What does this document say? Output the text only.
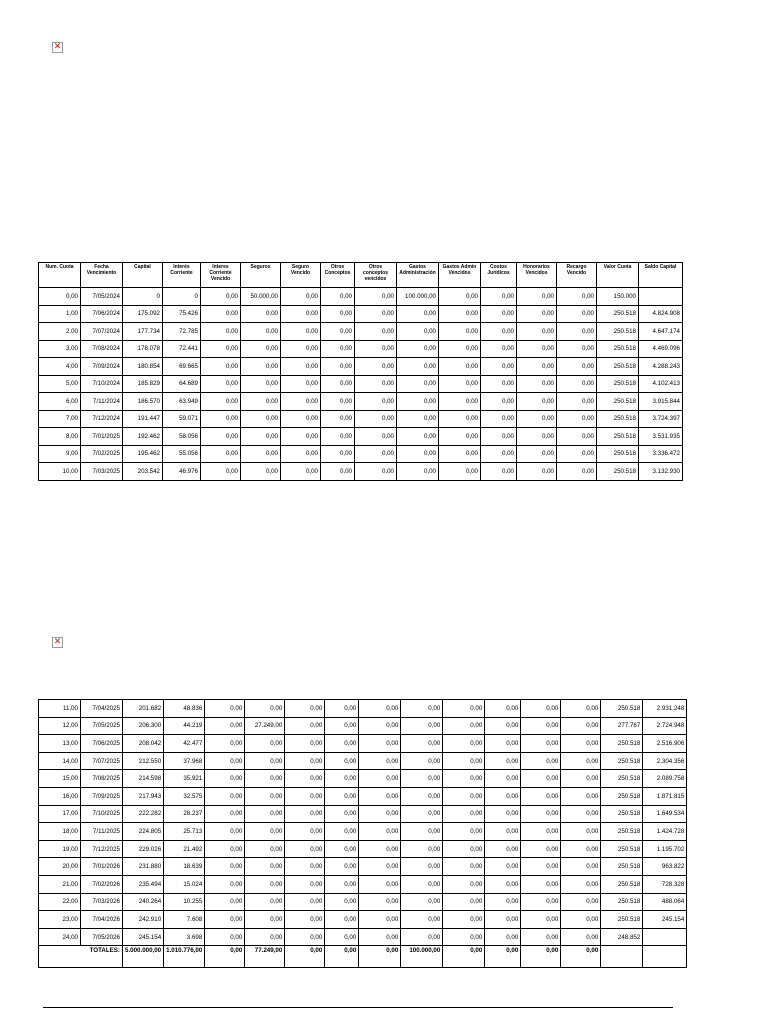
✕
Num. Cuota	Fecha Vencimiento	Capital	Interés Corriente	Interes Corriente Vencido	Seguros	Seguro Vencido	Otros Conceptos	Otros conceptos vencidos	Gastos Administración	Gastos Admin Vencidos	Costos Jurídicos	Honorarios Vencidos	Recargo Vencido	Valor Cuota	Saldo Capital
0,00	7/05/2024	0	0	0,00	50.000,00	0,00	0,00	0,00	100.000,00	0,00	0,00	0,00	0,00	150.000	
1,00	7/06/2024	175.092	75.426	0,00	0,00	0,00	0,00	0,00	0,00	0,00	0,00	0,00	0,00	250.518	4.824.908
2,00	7/07/2024	177.734	72.785	0,00	0,00	0,00	0,00	0,00	0,00	0,00	0,00	0,00	0,00	250.518	4.647.174
3,00	7/08/2024	178.078	72.441	0,00	0,00	0,00	0,00	0,00	0,00	0,00	0,00	0,00	0,00	250.518	4.469.096
4,00	7/09/2024	180.854	69.665	0,00	0,00	0,00	0,00	0,00	0,00	0,00	0,00	0,00	0,00	250.518	4.288.243
5,00	7/10/2024	185.829	64.689	0,00	0,00	0,00	0,00	0,00	0,00	0,00	0,00	0,00	0,00	250.518	4.102.413
6,00	7/11/2024	186.570	63.949	0,00	0,00	0,00	0,00	0,00	0,00	0,00	0,00	0,00	0,00	250.518	3.915.844
7,00	7/12/2024	191.447	59.071	0,00	0,00	0,00	0,00	0,00	0,00	0,00	0,00	0,00	0,00	250.518	3.724.397
8,00	7/01/2025	192.462	58.056	0,00	0,00	0,00	0,00	0,00	0,00	0,00	0,00	0,00	0,00	250.518	3.531.935
9,00	7/02/2025	195.462	55.056	0,00	0,00	0,00	0,00	0,00	0,00	0,00	0,00	0,00	0,00	250.518	3.336.472
10,00	7/03/2025	203.542	46.976	0,00	0,00	0,00	0,00	0,00	0,00	0,00	0,00	0,00	0,00	250.518	3.132.930
✕
11,00	7/04/2025	201.682	48.836	0,00	0,00	0,00	0,00	0,00	0,00	0,00	0,00	0,00	0,00	250.518	2.931.248
12,00	7/05/2025	206.300	44.219	0,00	27.249,00	0,00	0,00	0,00	0,00	0,00	0,00	0,00	0,00	277.767	2.724.948
13,00	7/06/2025	208.042	42.477	0,00	0,00	0,00	0,00	0,00	0,00	0,00	0,00	0,00	0,00	250.518	2.516.906
14,00	7/07/2025	212.550	37.968	0,00	0,00	0,00	0,00	0,00	0,00	0,00	0,00	0,00	0,00	250.518	2.304.356
15,00	7/08/2025	214.598	35.921	0,00	0,00	0,00	0,00	0,00	0,00	0,00	0,00	0,00	0,00	250.518	2.089.758
16,00	7/09/2025	217.943	32.575	0,00	0,00	0,00	0,00	0,00	0,00	0,00	0,00	0,00	0,00	250.518	1.871.815
17,00	7/10/2025	222.282	28.237	0,00	0,00	0,00	0,00	0,00	0,00	0,00	0,00	0,00	0,00	250.518	1.649.534
18,00	7/11/2025	224.805	25.713	0,00	0,00	0,00	0,00	0,00	0,00	0,00	0,00	0,00	0,00	250.518	1.424.728
19,00	7/12/2025	229.026	21.492	0,00	0,00	0,00	0,00	0,00	0,00	0,00	0,00	0,00	0,00	250.518	1.195.702
20,00	7/01/2026	231.880	18.639	0,00	0,00	0,00	0,00	0,00	0,00	0,00	0,00	0,00	0,00	250.518	963.822
21,00	7/02/2026	235.494	15.024	0,00	0,00	0,00	0,00	0,00	0,00	0,00	0,00	0,00	0,00	250.518	728.328
22,00	7/03/2026	240.264	10.255	0,00	0,00	0,00	0,00	0,00	0,00	0,00	0,00	0,00	0,00	250.518	488.064
23,00	7/04/2026	242.910	7.608	0,00	0,00	0,00	0,00	0,00	0,00	0,00	0,00	0,00	0,00	250.518	245.154
24,00	7/05/2026	245.154	3.698	0,00	0,00	0,00	0,00	0,00	0,00	0,00	0,00	0,00	0,00	248.852	
TOTALES:		5.000.000,00	1.010.776,00	0,00	77.249,00	0,00	0,00	0,00	100.000,00	0,00	0,00	0,00	0,00		
